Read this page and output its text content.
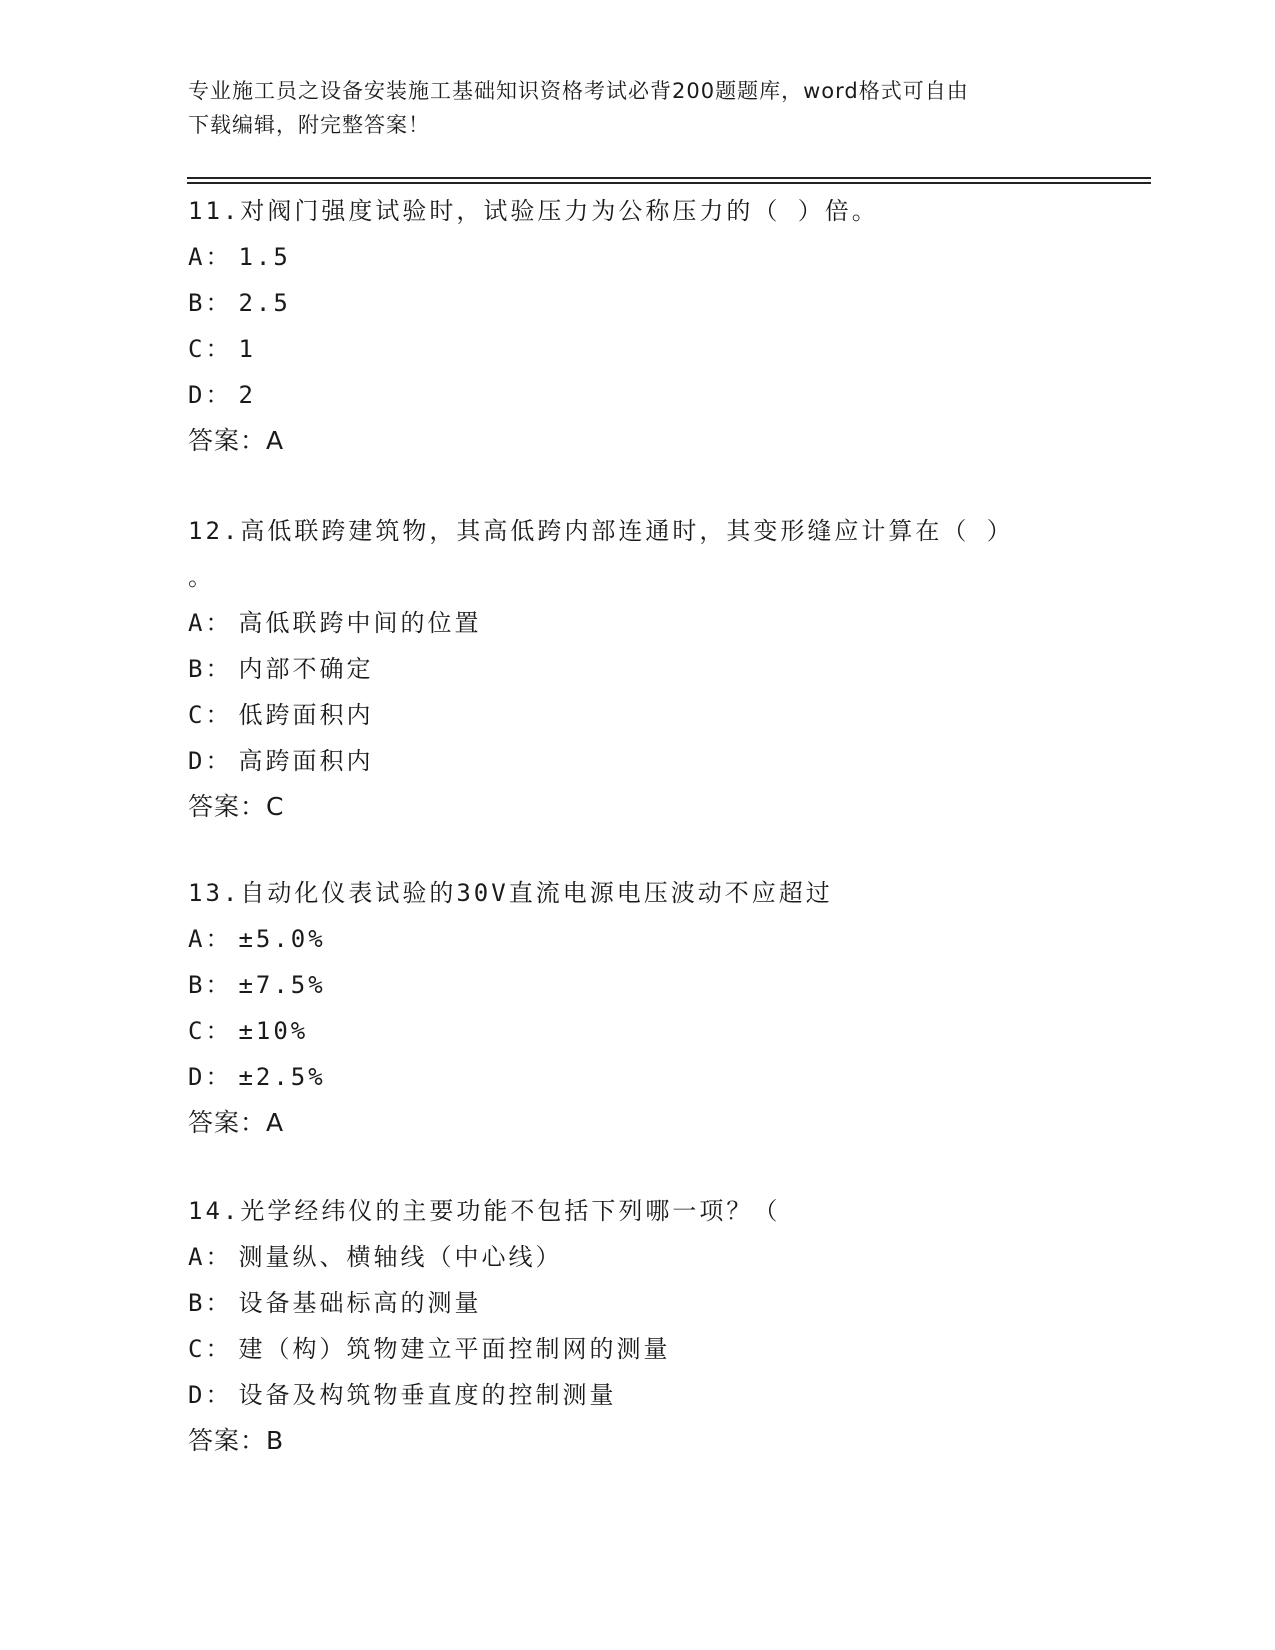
专业施工员之设备安装施工基础知识资格考试必背200题题库，word格式可自由
下载编辑，附完整答案！
11.对阀门强度试验时，试验压力为公称压力的（ ）倍。
A： 1.5
B： 2.5
C： 1
D： 2
答案：A
12.高低联跨建筑物，其高低跨内部连通时，其变形缝应计算在（ ）
。
A： 高低联跨中间的位置
B： 内部不确定
C： 低跨面积内
D： 高跨面积内
答案：C
13.自动化仪表试验的30V直流电源电压波动不应超过
A： ±5.0%
B： ±7.5%
C： ±10%
D： ±2.5%
答案：A
14.光学经纬仪的主要功能不包括下列哪一项？（
A： 测量纵、横轴线（中心线）
B： 设备基础标高的测量
C： 建（构）筑物建立平面控制网的测量
D： 设备及构筑物垂直度的控制测量
答案：B
